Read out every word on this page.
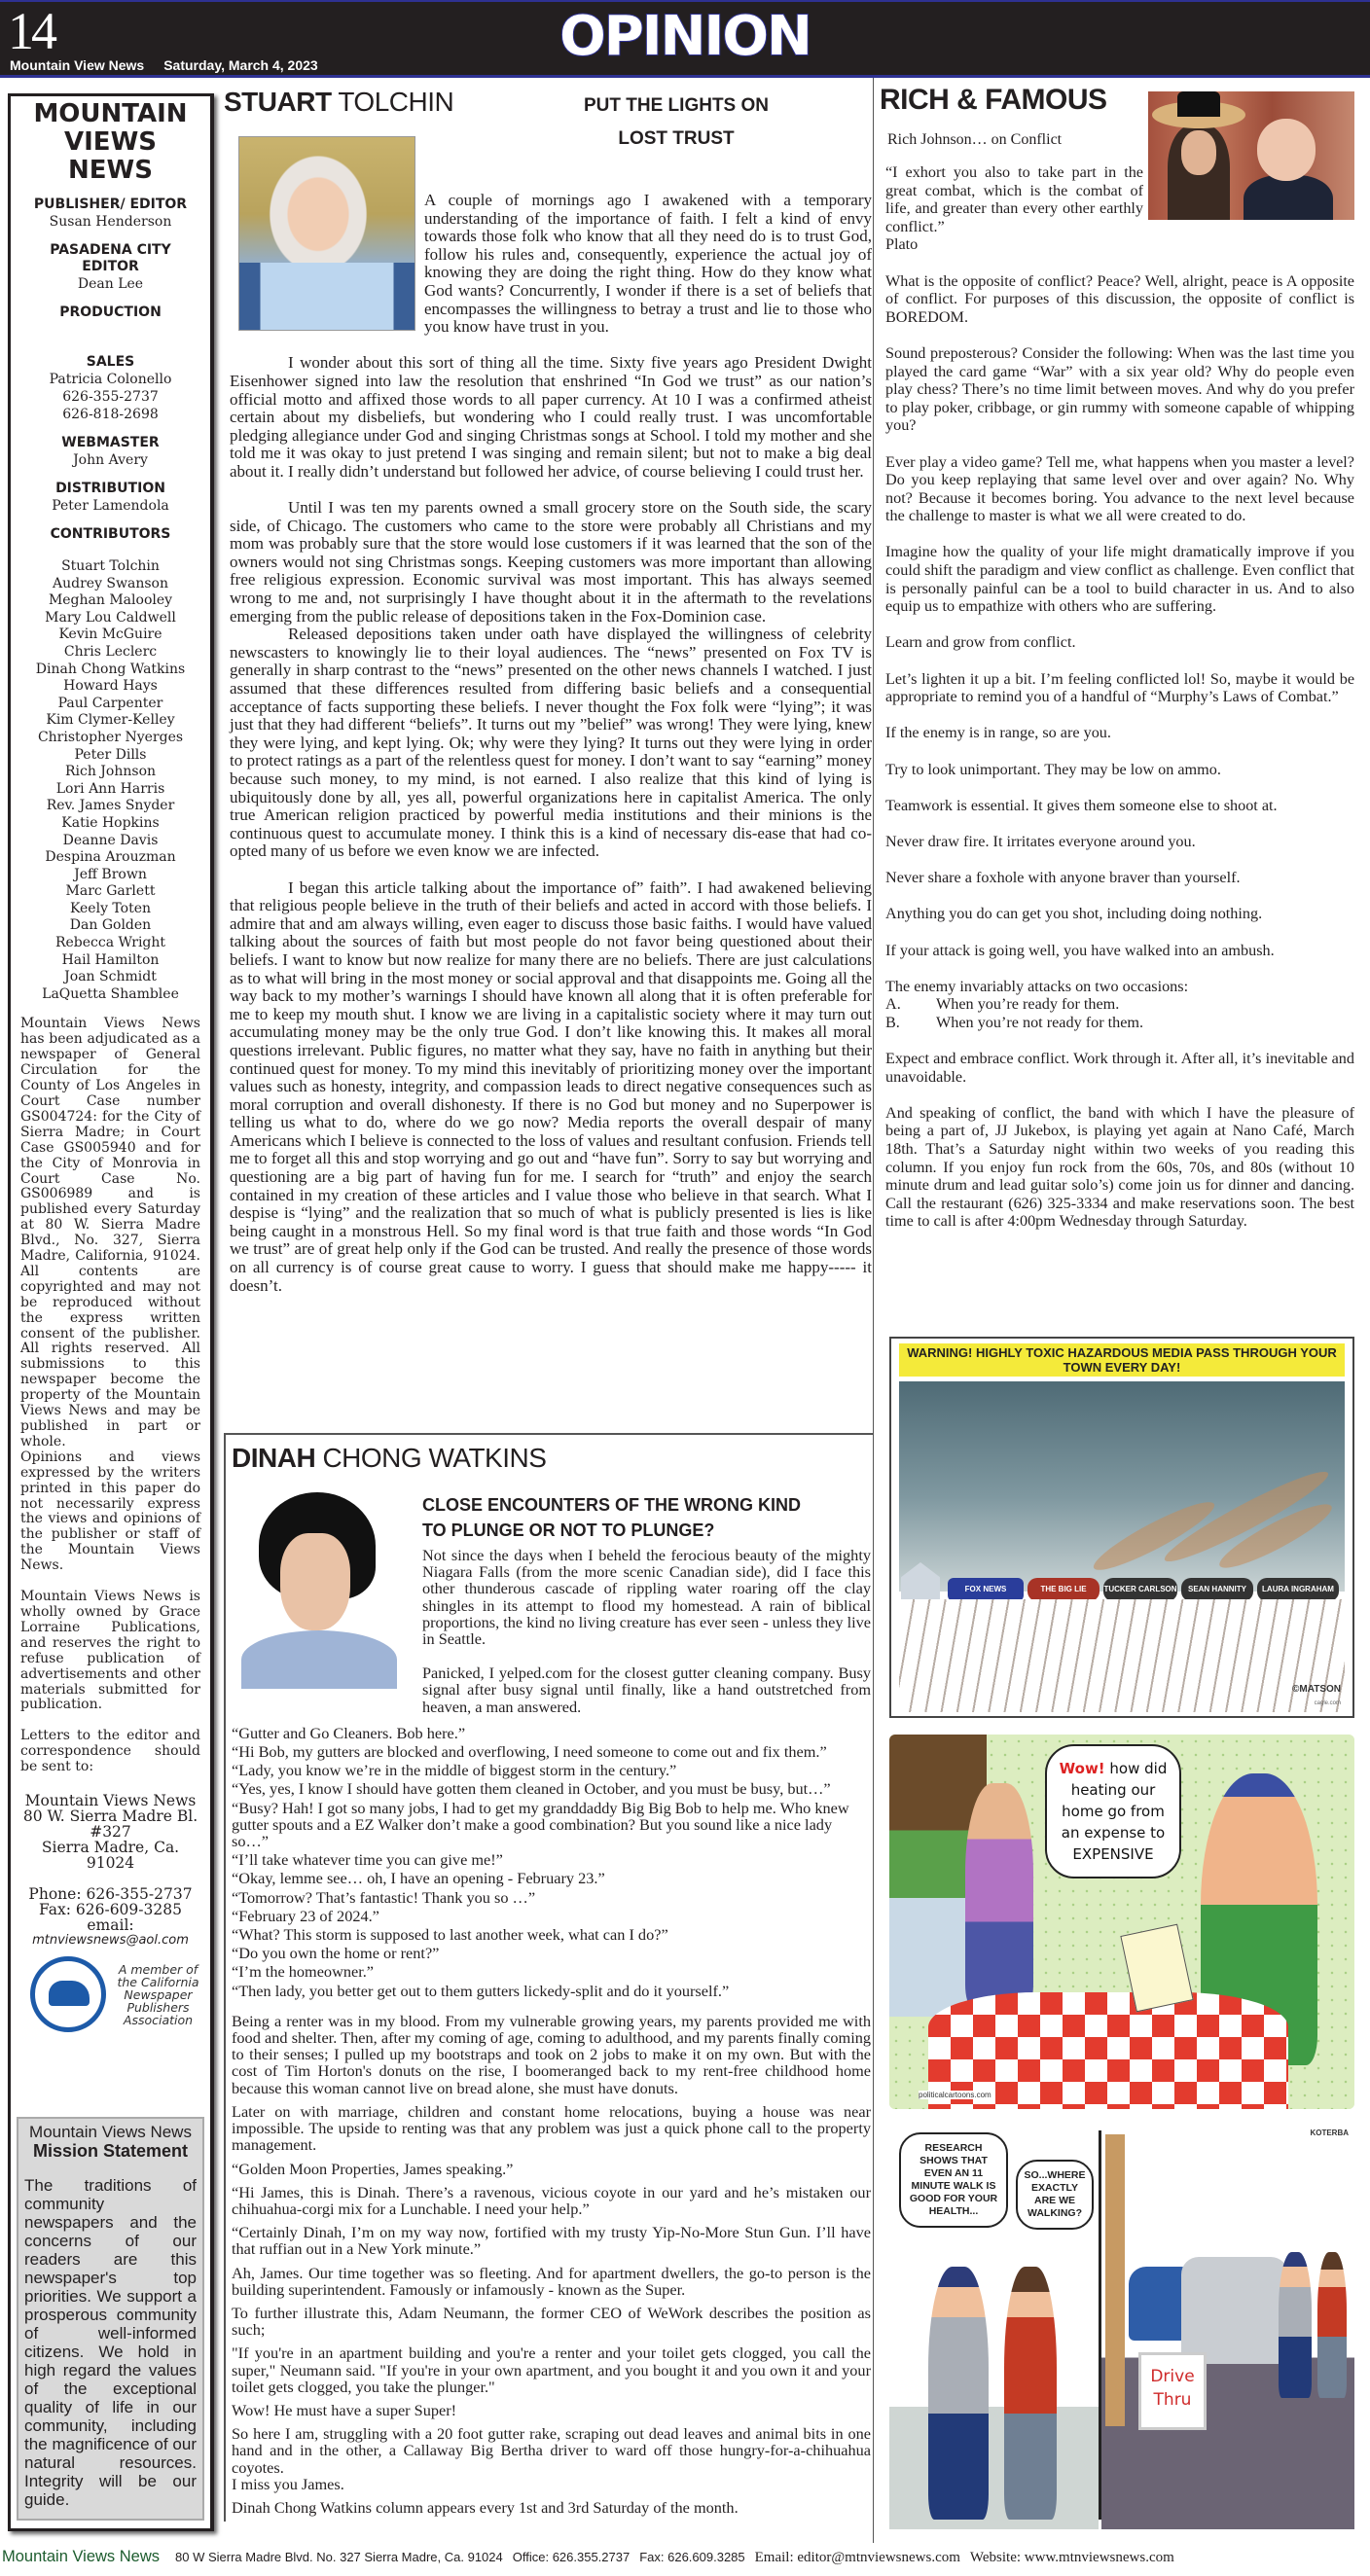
14	OPINION
Mountain View News Saturday, March 4, 2023
MOUNTAIN
VIEWS
NEWS
PUBLISHER/ EDITOR
Susan Henderson
PASADENA CITY
EDITOR
Dean Lee
PRODUCTION
SALES
Patricia Colonello
626-355-2737
626-818-2698
WEBMASTER
John Avery
DISTRIBUTION
Peter Lamendola
CONTRIBUTORS

Stuart Tolchin

Audrey Swanson

Meghan Malooley

Mary Lou Caldwell

Kevin McGuire

Chris Leclerc

Dinah Chong Watkins

Howard Hays

Paul Carpenter

Kim Clymer-Kelley

Christopher Nyerges

Peter Dills

Rich Johnson

Lori Ann Harris

Rev. James Snyder

Katie Hopkins

Deanne Davis

Despina Arouzman

Jeff Brown

Marc Garlett

Keely Toten

Dan Golden

Rebecca Wright

Hail Hamilton

Joan Schmidt

LaQuetta Shamblee

Mountain Views News has been adjudicated as a newspaper of General Circulation for the County of Los Angeles in Court Case number GS004724: for the City of Sierra Madre; in Court Case GS005940 and for the City of Monrovia in Court Case No. GS006989 and is published every Saturday at 80 W. Sierra Madre Blvd., No. 327, Sierra Madre, California, 91024. All contents are copyrighted and may not be reproduced without the express written consent of the publisher. All rights reserved. All submissions to this newspaper become the property of the Mountain Views News and may be published in part or whole.

Opinions and views expressed by the writers printed in this paper do not necessarily express the views and opinions of the publisher or staff of the Mountain Views News.

Mountain Views News is wholly owned by Grace Lorraine Publications, and reserves the right to refuse publication of advertisements and other materials submitted for publication.

Letters to the editor and correspondence should be sent to:

Mountain Views News
80 W. Sierra Madre Bl.
#327
Sierra Madre, Ca.
91024
Phone: 626-355-2737
Fax: 626-609-3285
email:
mtnviewsnews@aol.com
A member of the California Newspaper Publishers Association
Mountain Views News
Mission Statement
The traditions of community newspapers and the concerns of our readers are this newspaper's top priorities. We support a prosperous community of well-informed citizens. We hold in high regard the values of the exceptional quality of life in our community, including the magnificence of our natural resources. Integrity will be our guide.
STUART TOLCHIN	PUT THE LIGHTS ON
LOST TRUST

A couple of mornings ago I awakened with a temporary understanding of the importance of faith. I felt a kind of envy towards those folk who know that all they need do is to trust God, follow his rules and, consequently, experience the actual joy of knowing they are doing the right thing. How do they know what God wants? Concurrently, I wonder if there is a set of beliefs that encompasses the willingness to betray a trust and lie to those who you know have trust in you.

I wonder about this sort of thing all the time. Sixty five years ago President Dwight Eisenhower signed into law the resolution that enshrined “In God we trust” as our nation’s official motto and affixed those words to all paper currency. At 10 I was a confirmed atheist certain about my disbeliefs, but wondering who I could really trust. I was uncomfortable pledging allegiance under God and singing Christmas songs at School. I told my mother and she told me it was okay to just pretend I was singing and remain silent; but not to make a big deal about it. I really didn’t understand but followed her advice, of course believing I could trust her.

Until I was ten my parents owned a small grocery store on the South side, the scary side, of Chicago. The customers who came to the store were probably all Christians and my mom was probably sure that the store would lose customers if it was learned that the son of the owners would not sing Christmas songs. Keeping customers was more important than allowing free religious expression. Economic survival was most important. This has always seemed wrong to me and, not surprisingly I have thought about it in the aftermath to the revelations emerging from the public release of depositions taken in the Fox-Dominion case.

Released depositions taken under oath have displayed the willingness of celebrity newscasters to knowingly lie to their loyal audiences. The “news” presented on Fox TV is generally in sharp contrast to the “news” presented on the other news channels I watched. I just assumed that these differences resulted from differing basic beliefs and a consequential acceptance of facts supporting these beliefs. I never thought the Fox folk were “lying”; it was just that they had different “beliefs”. It turns out my ”belief” was wrong! They were lying, knew they were lying, and kept lying. Ok; why were they lying? It turns out they were lying in order to protect ratings as a part of the relentless quest for money. I don’t want to say “earning” money because such money, to my mind, is not earned. I also realize that this kind of lying is ubiquitously done by all, yes all, powerful organizations here in capitalist America. The only true American religion practiced by powerful media institutions and their minions is the continuous quest to accumulate money. I think this is a kind of necessary dis-ease that had co-opted many of us before we even know we are infected.

I began this article talking about the importance of” faith”. I had awakened believing that religious people believe in the truth of their beliefs and acted in accord with those beliefs. I admire that and am always willing, even eager to discuss those basic faiths. I would have valued talking about the sources of faith but most people do not favor being questioned about their beliefs. I want to know but now realize for many there are no beliefs. There are just calculations as to what will bring in the most money or social approval and that disappoints me. Going all the way back to my mother’s warnings I should have known all along that it is often preferable for me to keep my mouth shut. I know we are living in a capitalistic society where it may turn out accumulating money may be the only true God. I don’t like knowing this. It makes all moral questions irrelevant. Public figures, no matter what they say, have no faith in anything but their continued quest for money. To my mind this inevitably of prioritizing money over the important values such as honesty, integrity, and compassion leads to direct negative consequences such as moral corruption and overall dishonesty. If there is no God but money and no Superpower is telling us what to do, where do we go now? Media reports the overall despair of many Americans which I believe is connected to the loss of values and resultant confusion. Friends tell me to forget all this and stop worrying and go out and “have fun”. Sorry to say but worrying and questioning are a big part of having fun for me. I search for “truth” and enjoy the search contained in my creation of these articles and I value those who believe in that search. What I despise is “lying” and the realization that so much of what is publicly presented is lies is like being caught in a monstrous Hell. So my final word is that true faith and those words “In God we trust” are of great help only if the God can be trusted. And really the presence of those words on all currency is of course great cause to worry. I guess that should make me happy----- it doesn’t.

DINAH CHONG WATKINS
CLOSE ENCOUNTERS OF THE WRONG KIND
TO PLUNGE OR NOT TO PLUNGE?

Not since the days when I beheld the ferocious beauty of the mighty Niagara Falls (from the more scenic Canadian side), did I face this other thunderous cascade of rippling water roaring off the clay shingles in its attempt to flood my homestead. A rain of biblical proportions, the kind no living creature has ever seen - unless they live in Seattle.

Panicked, I yelped.com for the closest gutter cleaning company. Busy signal after busy signal until finally, like a hand outstretched from heaven, a man answered.

“Gutter and Go Cleaners. Bob here.”

“Hi Bob, my gutters are blocked and overflowing, I need someone to come out and fix them.”

“Lady, you know we’re in the middle of biggest storm in the century.”

“Yes, yes, I know I should have gotten them cleaned in October, and you must be busy, but…”

“Busy? Hah! I got so many jobs, I had to get my granddaddy Big Big Bob to help me. Who knew gutter spouts and a EZ Walker don’t make a good combination? But you sound like a nice lady so…”

“I’ll take whatever time you can give me!”

“Okay, lemme see… oh, I have an opening - February 23.”

“Tomorrow? That’s fantastic! Thank you so …”

“February 23 of 2024.”

“What? This storm is supposed to last another week, what can I do?”

“Do you own the home or rent?”

“I’m the homeowner.”

“Then lady, you better get out to them gutters lickedy-split and do it yourself.”

Being a renter was in my blood. From my vulnerable growing years, my parents provided me with food and shelter. Then, after my coming of age, coming to adulthood, and my parents finally coming to their senses; I pulled up my bootstraps and took on 2 jobs to make it on my own. But with the cost of Tim Horton's donuts on the rise, I boomeranged back to my rent-free childhood home because this woman cannot live on bread alone, she must have donuts.

Later on with marriage, children and constant home relocations, buying a house was near impossible. The upside to renting was that any problem was just a quick phone call to the property management.

“Golden Moon Properties, James speaking.”

“Hi James, this is Dinah. There’s a ravenous, vicious coyote in our yard and he’s mistaken our chihuahua-corgi mix for a Lunchable. I need your help.”

“Certainly Dinah, I’m on my way now, fortified with my trusty Yip-No-More Stun Gun. I’ll have that ruffian out in a New York minute.”

Ah, James. Our time together was so fleeting. And for apartment dwellers, the go-to person is the building superintendent. Famously or infamously - known as the Super.

To further illustrate this, Adam Neumann, the former CEO of WeWork describes the position as such;

"If you're in an apartment building and you're a renter and your toilet gets clogged, you call the super," Neumann said. "If you're in your own apartment, and you bought it and you own it and your toilet gets clogged, you take the plunger."

Wow! He must have a super Super!

So here I am, struggling with a 20 foot gutter rake, scraping out dead leaves and animal bits in one hand and in the other, a Callaway Big Bertha driver to ward off those hungry-for-a-chihuahua coyotes.

I miss you James.

Dinah Chong Watkins column appears every 1st and 3rd Saturday of the month.

RICH & FAMOUS
Rich Johnson… on Conflict
“I exhort you also to take part in the great combat, which is the combat of life, and greater than every other earthly conflict.”
Plato

What is the opposite of conflict? Peace? Well, alright, peace is A opposite of conflict. For purposes of this discussion, the opposite of conflict is BOREDOM.

Sound preposterous? Consider the following: When was the last time you played the card game “War” with a six year old? Why do people even play chess? There’s no time limit between moves. And why do you prefer to play poker, cribbage, or gin rummy with someone capable of whipping you?

Ever play a video game? Tell me, what happens when you master a level? Do you keep replaying that same level over and over again? No. Why not? Because it becomes boring. You advance to the next level because the challenge to master is what we all were created to do.

Imagine how the quality of your life might dramatically improve if you could shift the paradigm and view conflict as challenge. Even conflict that is personally painful can be a tool to build character in us. And to also equip us to empathize with others who are suffering.

Learn and grow from conflict.

Let’s lighten it up a bit. I’m feeling conflicted lol! So, maybe it would be appropriate to remind you of a handful of “Murphy’s Laws of Combat.”

If the enemy is in range, so are you.

Try to look unimportant. They may be low on ammo.

Teamwork is essential. It gives them someone else to shoot at.

Never draw fire. It irritates everyone around you.

Never share a foxhole with anyone braver than yourself.

Anything you do can get you shot, including doing nothing.

If your attack is going well, you have walked into an ambush.

The enemy invariably attacks on two occasions:
A.	When you’re ready for them.
B.	When you’re not ready for them.

Expect and embrace conflict. Work through it. After all, it’s inevitable and unavoidable.

And speaking of conflict, the band with which I have the pleasure of being a part of, JJ Jukebox, is playing yet again at Nano Café, March 18th. That’s a Saturday night within two weeks of you reading this column. If you enjoy fun rock from the 60s, 70s, and 80s (without 10 minute drum and lead guitar solo’s) come join us for dinner and dancing. Call the restaurant (626) 325-3334 and make reservations soon. The best time to call is after 4:00pm Wednesday through Saturday.

WARNING! HIGHLY TOXIC HAZARDOUS MEDIA PASS THROUGH YOUR TOWN EVERY DAY!
FOX NEWS	THE BIG LIE	TUCKER CARLSON	SEAN HANNITY	LAURA INGRAHAM
©MATSON
cagle.com
Wow! how did heating our home go from an expense to EXPENSIVE
politicalcartoons.com
RESEARCH SHOWS THAT EVEN AN 11 MINUTE WALK IS GOOD FOR YOUR HEALTH...
SO...WHERE EXACTLY ARE WE WALKING?
Drive Thru
KOTERBA
Mountain Views News 80 W Sierra Madre Blvd. No. 327 Sierra Madre, Ca. 91024 Office: 626.355.2737 Fax: 626.609.3285 Email: editor@mtnviewsnews.com Website: www.mtnviewsnews.com
